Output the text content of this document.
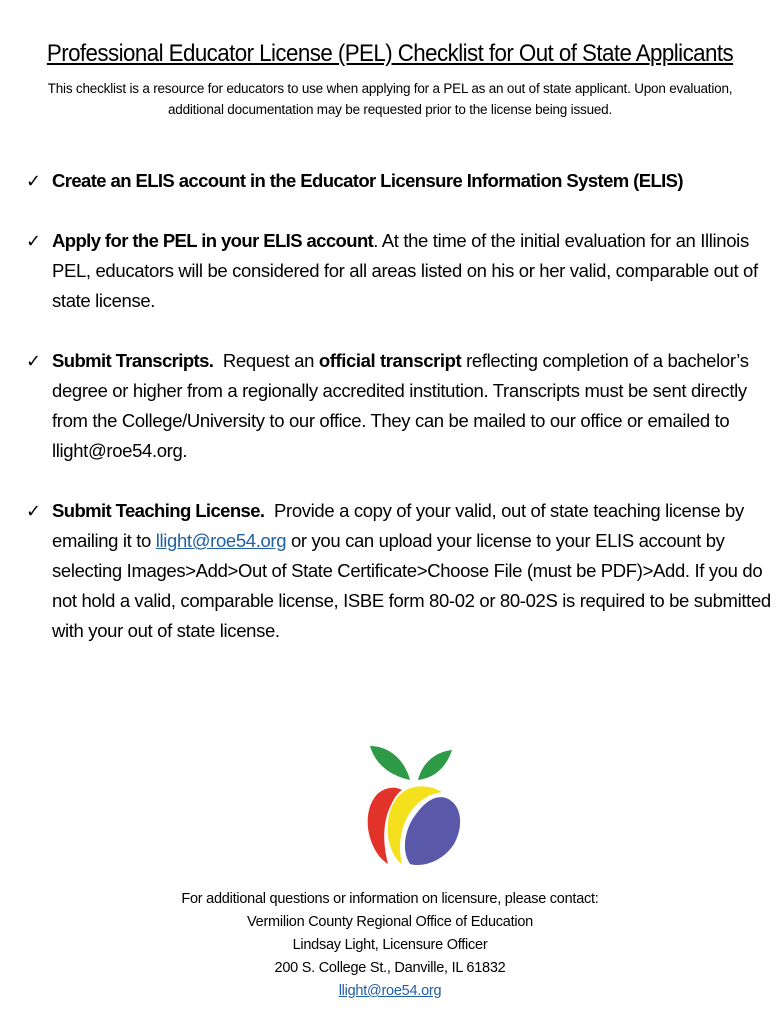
Professional Educator License (PEL) Checklist for Out of State Applicants
This checklist is a resource for educators to use when applying for a PEL as an out of state applicant. Upon evaluation,
additional documentation may be requested prior to the license being issued.
✓ Create an ELIS account in the Educator Licensure Information System (ELIS)
✓ Apply for the PEL in your ELIS account. At the time of the initial evaluation for an Illinois PEL, educators will be considered for all areas listed on his or her valid, comparable out of state license.
✓ Submit Transcripts.  Request an official transcript reflecting completion of a bachelor’s degree or higher from a regionally accredited institution. Transcripts must be sent directly from the College/University to our office. They can be mailed to our office or emailed to llight@roe54.org.
✓ Submit Teaching License.  Provide a copy of your valid, out of state teaching license by emailing it to llight@roe54.org or you can upload your license to your ELIS account by selecting Images>Add>Out of State Certificate>Choose File (must be PDF)>Add. If you do not hold a valid, comparable license, ISBE form 80-02 or 80-02S is required to be submitted with your out of state license.
For additional questions or information on licensure, please contact:
Vermilion County Regional Office of Education
Lindsay Light, Licensure Officer
200 S. College St., Danville, IL 61832
llight@roe54.org
